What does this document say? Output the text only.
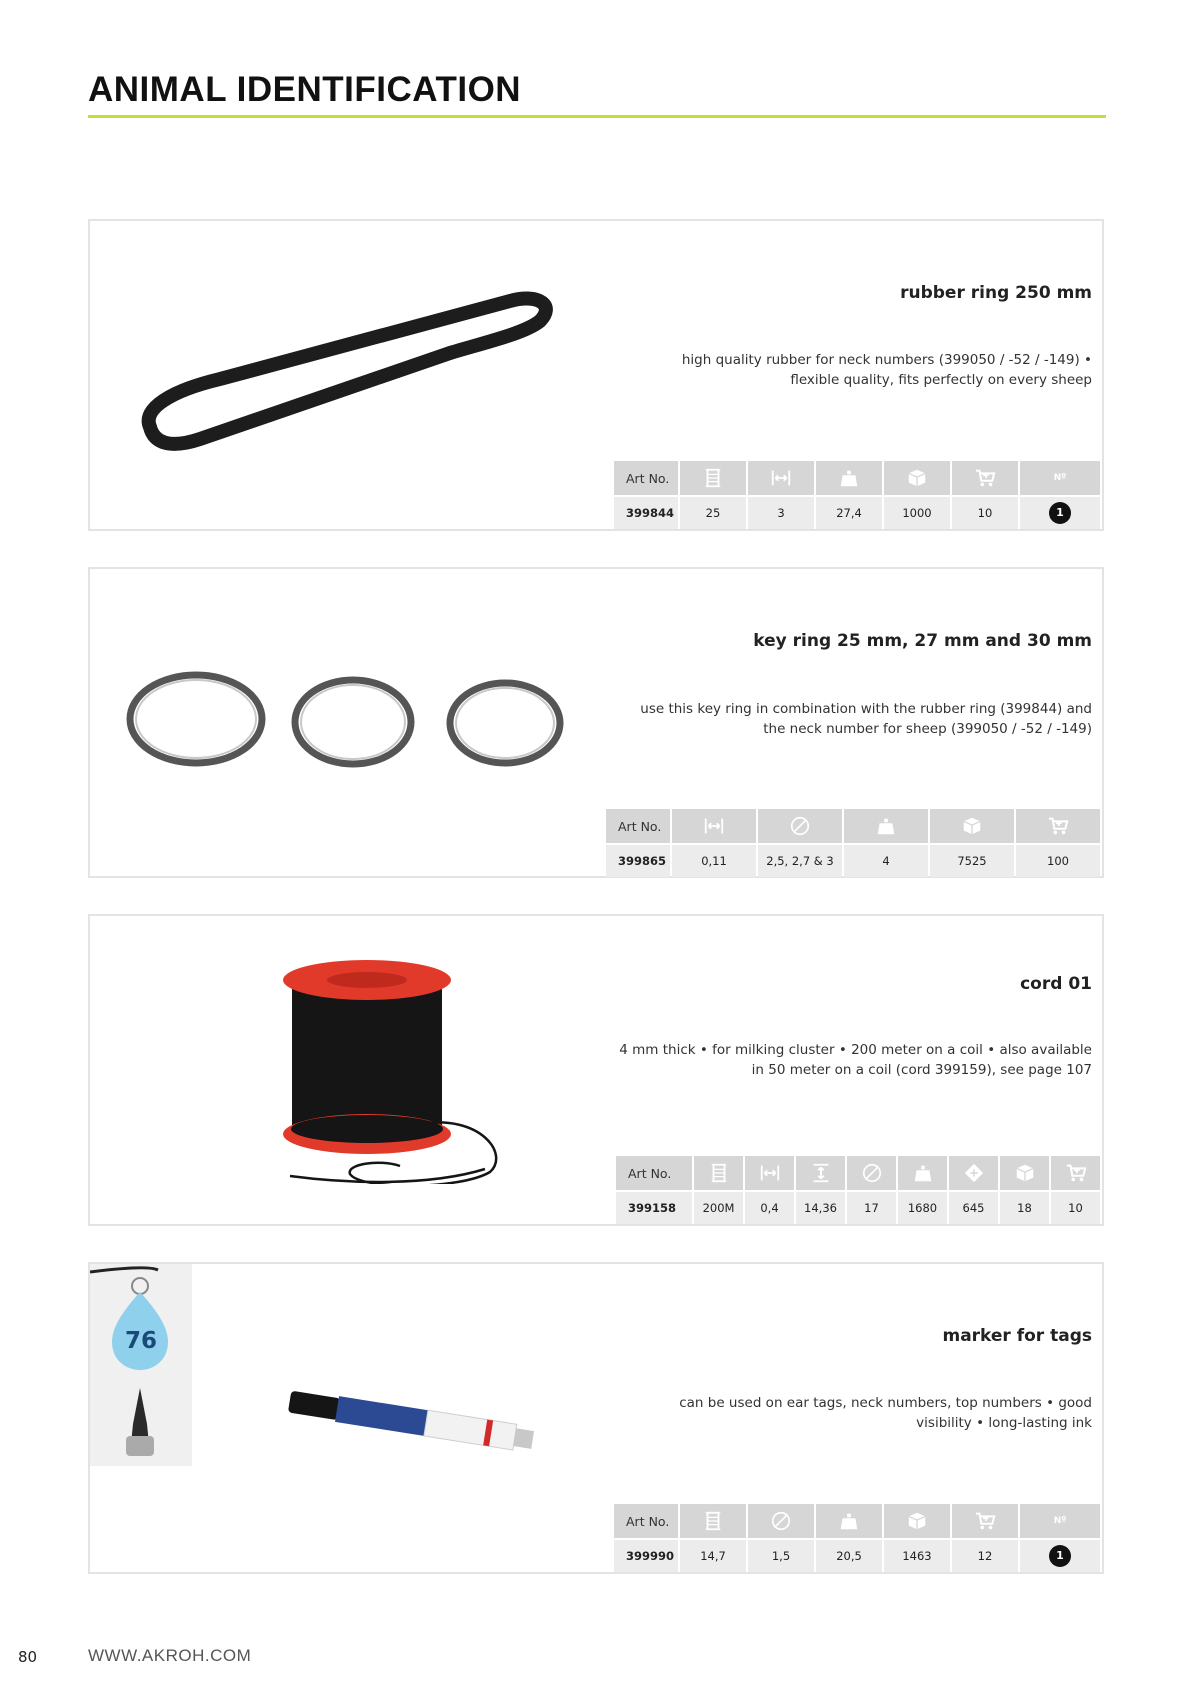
ANIMAL IDENTIFICATION
rubber ring 250 mm
high quality rubber for neck numbers (399050 / -52 / -149) •
flexible quality, fits perfectly on every sheep
Art No.						Nº

399844	25	3	27,4	1000	10	1
key ring 25 mm, 27 mm and 30 mm
use this key ring in combination with the rubber ring (399844) and
the neck number for sheep (399050 / -52 / -149)
Art No.	

399865	0,11	2,5, 2,7 & 3	4	7525	100
cord 01
4 mm thick • for milking cluster • 200 meter on a coil • also available
in 50 meter on a coil (cord 399159), see page 107
Art No.	

399158	200M	0,4	14,36	17	1680	645	18	10
76	marker for tags
can be used on ear tags, neck numbers, top numbers • good
visibility • long-lasting ink
Art No.						Nº

399990	14,7	1,5	20,5	1463	12	1
80	WWW.AKROH.COM
